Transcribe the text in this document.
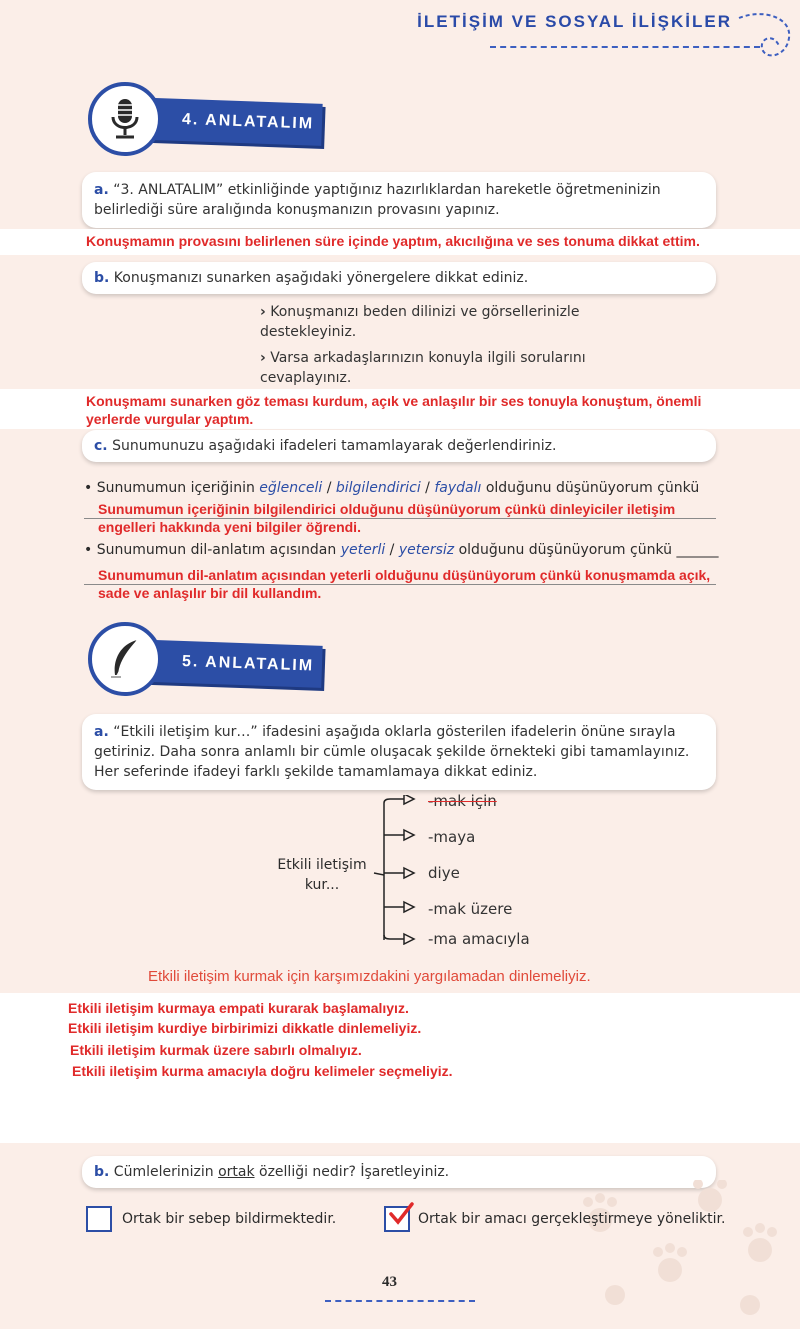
İLETİŞİM VE SOSYAL İLİŞKİLER
4. ANLATALIM
a. “3. ANLATALIM” etkinliğinde yaptığınız hazırlıklardan hareketle öğretmeninizin belirlediği süre aralığında konuşmanızın provasını yapınız.
Konuşmamın provasını belirlenen süre içinde yaptım, akıcılığına ve ses tonuma dikkat ettim.
b. Konuşmanızı sunarken aşağıdaki yönergelere dikkat ediniz.
› Konuşmanızı beden dilinizi ve görsellerinizle destekleyiniz.
› Varsa arkadaşlarınızın konuyla ilgili sorularını cevaplayınız.
Konuşmamı sunarken göz teması kurdum, açık ve anlaşılır bir ses tonuyla konuştum, önemli yerlerde vurgular yaptım.
c. Sunumunuzu aşağıdaki ifadeleri tamamlayarak değerlendiriniz.
• Sunumumun içeriğinin eğlenceli / bilgilendirici / faydalı olduğunu düşünüyorum çünkü
Sunumumun içeriğinin bilgilendirici olduğunu düşünüyorum çünkü dinleyiciler iletişim engelleri hakkında yeni bilgiler öğrendi.
• Sunumumun dil-anlatım açısından yeterli / yetersiz olduğunu düşünüyorum çünkü ______
Sunumumun dil-anlatım açısından yeterli olduğunu düşünüyorum çünkü konuşmamda açık, sade ve anlaşılır bir dil kullandım.
5. ANLATALIM
a. “Etkili iletişim kur…” ifadesini aşağıda oklarla gösterilen ifadelerin önüne sırayla getiriniz. Daha sonra anlamlı bir cümle oluşacak şekilde örnekteki gibi tamamlayınız. Her seferinde ifadeyi farklı şekilde tamamlamaya dikkat ediniz.
Etkili iletişim kur...
-mak için
-maya
diye
-mak üzere
-ma amacıyla
Etkili iletişim kurmak için karşımızdakini yargılamadan dinlemeliyiz.
Etkili iletişim kurmaya empati kurarak başlamalıyız.
Etkili iletişim kurdiye birbirimizi dikkatle dinlemeliyiz.
Etkili iletişim kurmak üzere sabırlı olmalıyız.
Etkili iletişim kurma amacıyla doğru kelimeler seçmeliyiz.
b. Cümlelerinizin ortak özelliği nedir? İşaretleyiniz.
Ortak bir sebep bildirmektedir.	Ortak bir amacı gerçekleştirmeye yöneliktir.
43
